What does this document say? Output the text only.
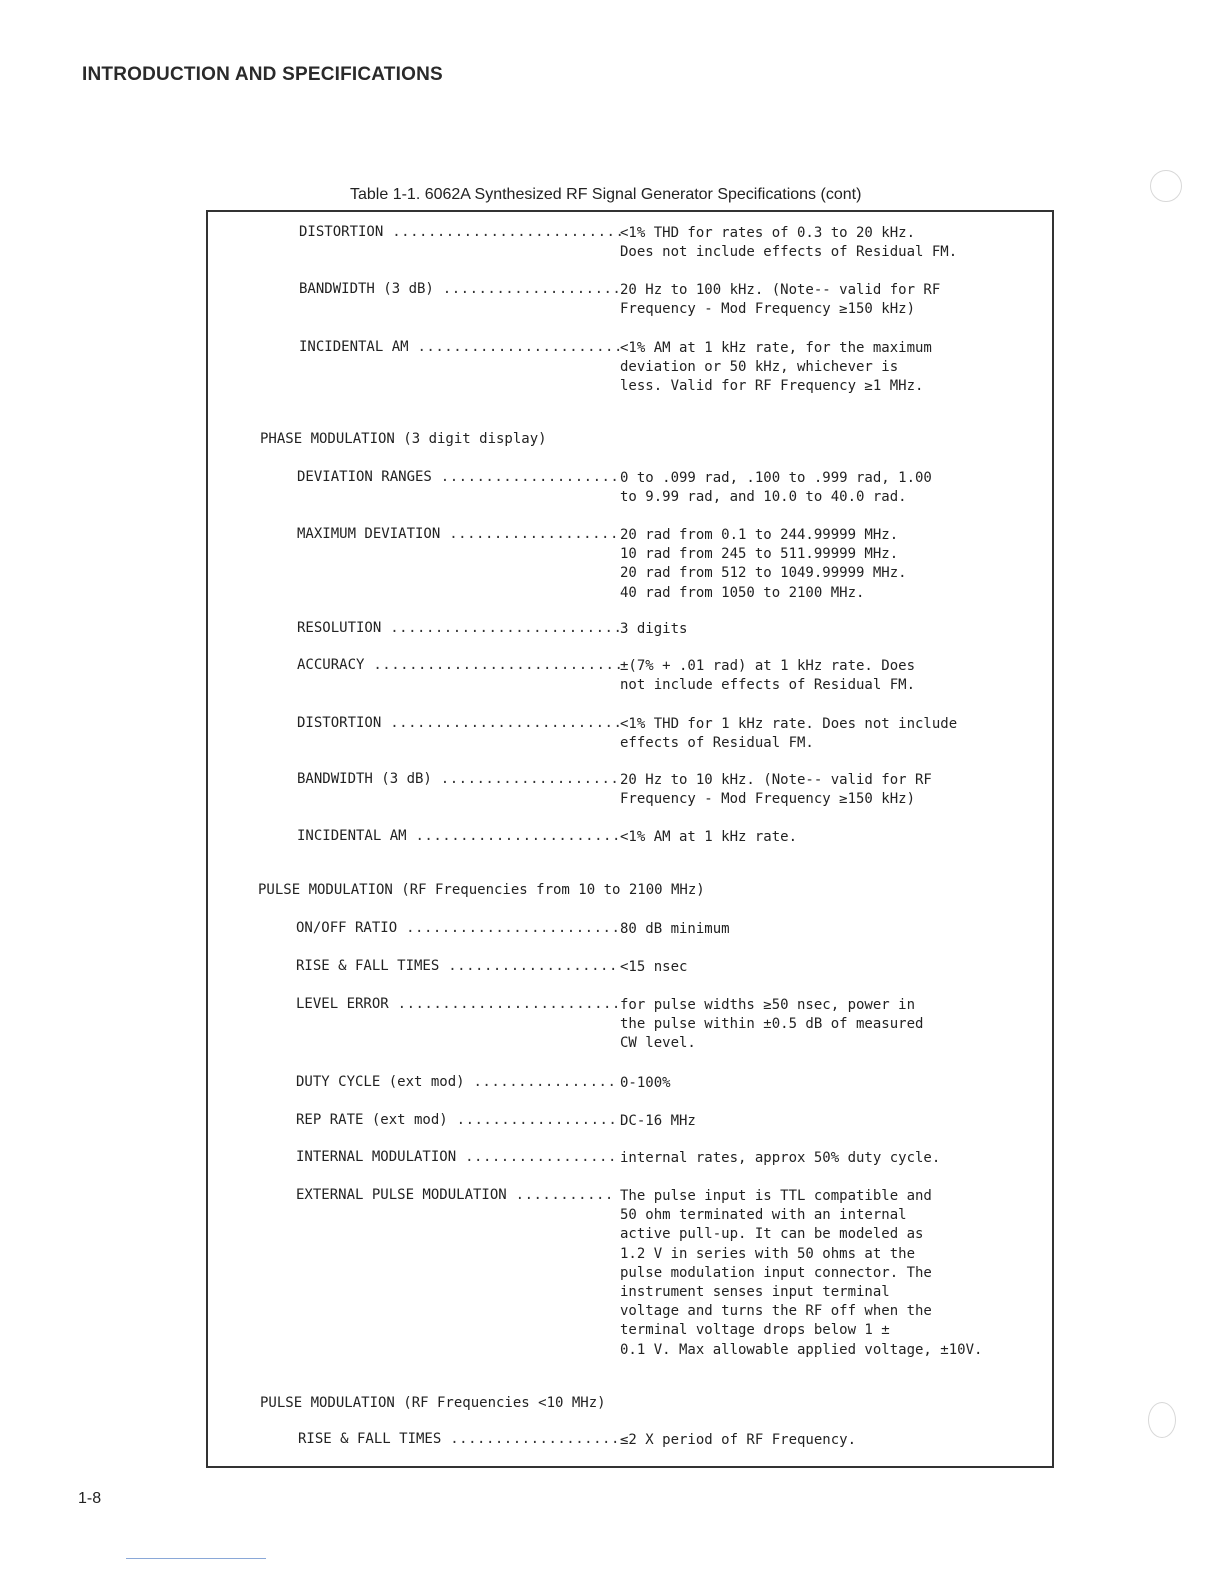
INTRODUCTION AND SPECIFICATIONS
Table 1-1. 6062A Synthesized RF Signal Generator Specifications (cont)
DISTORTION ..........................
<1% THD for rates of 0.3 to 20 kHz.
Does not include effects of Residual FM.
BANDWIDTH (3 dB) ....................
20 Hz to 100 kHz. (Note-- valid for RF
Frequency - Mod Frequency ≥150 kHz)
INCIDENTAL AM .......................
<1% AM at 1 kHz rate, for the maximum
deviation or 50 kHz, whichever is
less. Valid for RF Frequency ≥1 MHz.
PHASE MODULATION (3 digit display)
DEVIATION RANGES .................... 0 to .099 rad, .100 to .999 rad, 1.00
to 9.99 rad, and 10.0 to 40.0 rad.
MAXIMUM DEVIATION ................... 20 rad from 0.1 to 244.99999 MHz.
10 rad from 245 to 511.99999 MHz.
20 rad from 512 to 1049.99999 MHz.
40 rad from 1050 to 2100 MHz.
RESOLUTION ..........................
3 digits
ACCURACY ............................
±(7% + .01 rad) at 1 kHz rate. Does
not include effects of Residual FM.
DISTORTION ..........................
<1% THD for 1 kHz rate. Does not include
effects of Residual FM.
BANDWIDTH (3 dB) .................... 20 Hz to 10 kHz. (Note-- valid for RF
Frequency - Mod Frequency ≥150 kHz)
INCIDENTAL AM ....................... <1% AM at 1 kHz rate.
PULSE MODULATION (RF Frequencies from 10 to 2100 MHz)
ON/OFF RATIO ........................ 80 dB minimum
RISE & FALL TIMES ................... <15 nsec
LEVEL ERROR ......................... for pulse widths ≥50 nsec, power in
the pulse within ±0.5 dB of measured
CW level.
DUTY CYCLE (ext mod) ................ 0-100%
REP RATE (ext mod) .................. DC-16 MHz
INTERNAL MODULATION ................. internal rates, approx 50% duty cycle.
EXTERNAL PULSE MODULATION ........... The pulse input is TTL compatible and
50 ohm terminated with an internal
active pull-up. It can be modeled as
1.2 V in series with 50 ohms at the
pulse modulation input connector. The
instrument senses input terminal
voltage and turns the RF off when the
terminal voltage drops below 1 ±
0.1 V. Max allowable applied voltage, ±10V.
PULSE MODULATION (RF Frequencies <10 MHz)
RISE & FALL TIMES ................... ≤2 X period of RF Frequency.
1-8
